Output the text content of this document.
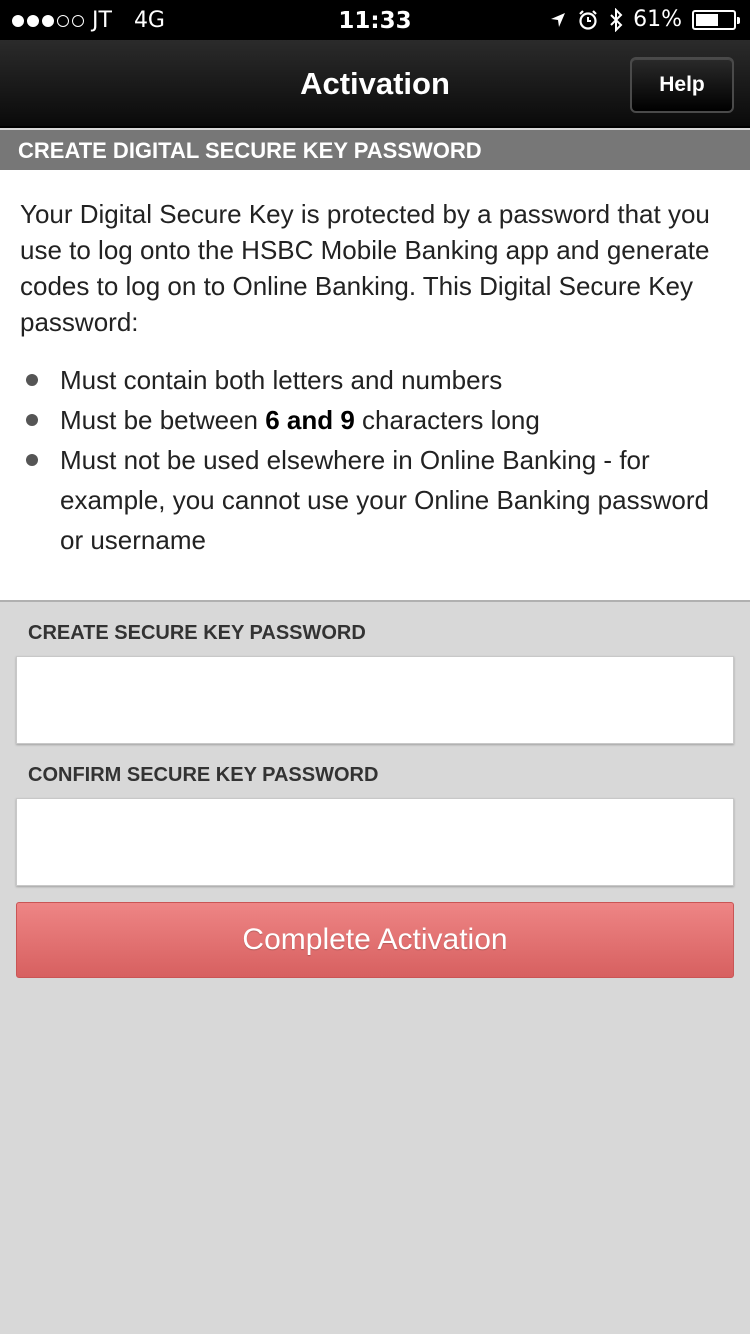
JT 4G	11:33	61%
Activation	Help
CREATE DIGITAL SECURE KEY PASSWORD

Your Digital Secure Key is protected by a password that you use to log onto the HSBC Mobile Banking app and generate codes to log on to Online Banking. This Digital Secure Key password:

Must contain both letters and numbers
Must be between 6 and 9 characters long
Must not be used elsewhere in Online Banking - for example, you cannot use your Online Banking password or username
CREATE SECURE KEY PASSWORD
CONFIRM SECURE KEY PASSWORD
Complete Activation
